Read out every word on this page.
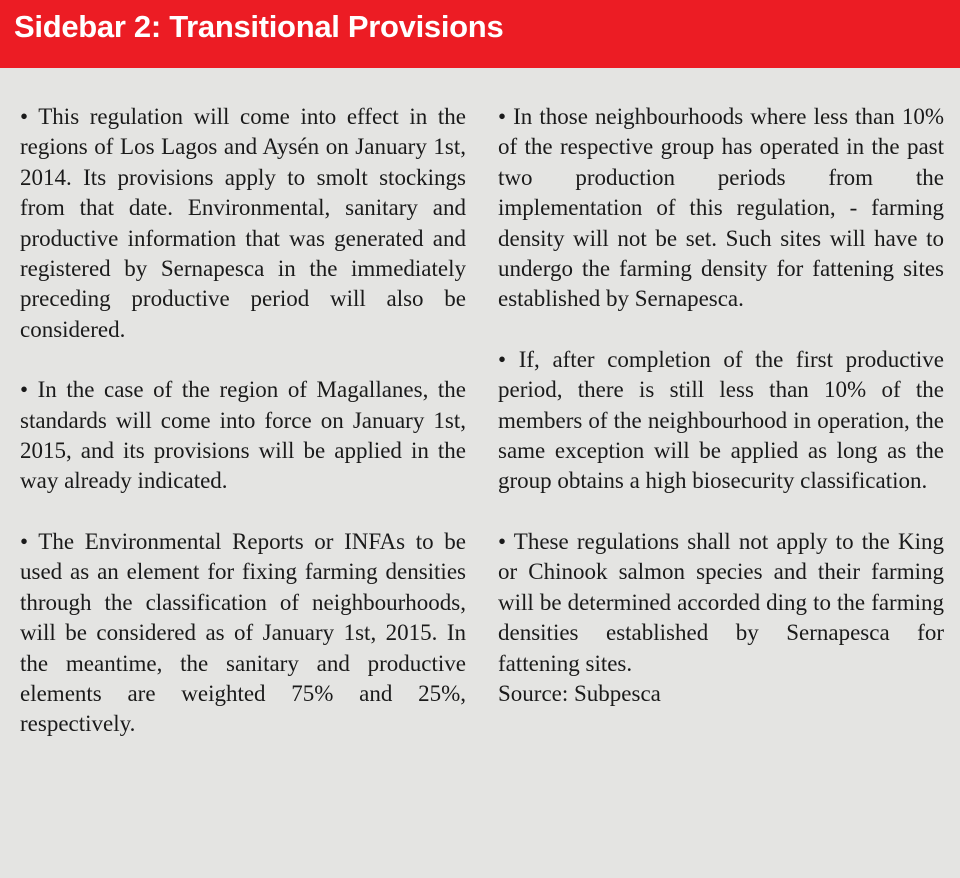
Sidebar 2: Transitional Provisions

• This regulation will come into effect in the regions of Los Lagos and Aysén on January 1st, 2014. Its provisions apply to smolt stockings from that date. Environmental, sanitary and productive information that was generated and registered by Sernapesca in the immediately preceding productive period will also be considered.

• In the case of the region of Magallanes, the standards will come into force on January 1st, 2015, and its provisions will be applied in the way already indicated.

• The Environmental Reports or INFAs to be used as an element for fixing farming densities through the classification of neighbourhoods, will be considered as of January 1st, 2015. In the meantime, the sanitary and productive elements are weighted 75% and 25%, respectively.

• In those neighbourhoods where less than 10% of the respective group has operated in the past two production periods from the implementation of this regulation, - farming density will not be set. Such sites will have to undergo the farming density for fattening sites established by Sernapesca.

• If, after completion of the first productive period, there is still less than 10% of the members of the neighbourhood in operation, the same exception will be applied as long as the group obtains a high biosecurity classification.

• These regulations shall not apply to the King or Chinook salmon species and their farming will be determined accorded ding to the farming densities established by Sernapesca for fattening sites.

Source: Subpesca
